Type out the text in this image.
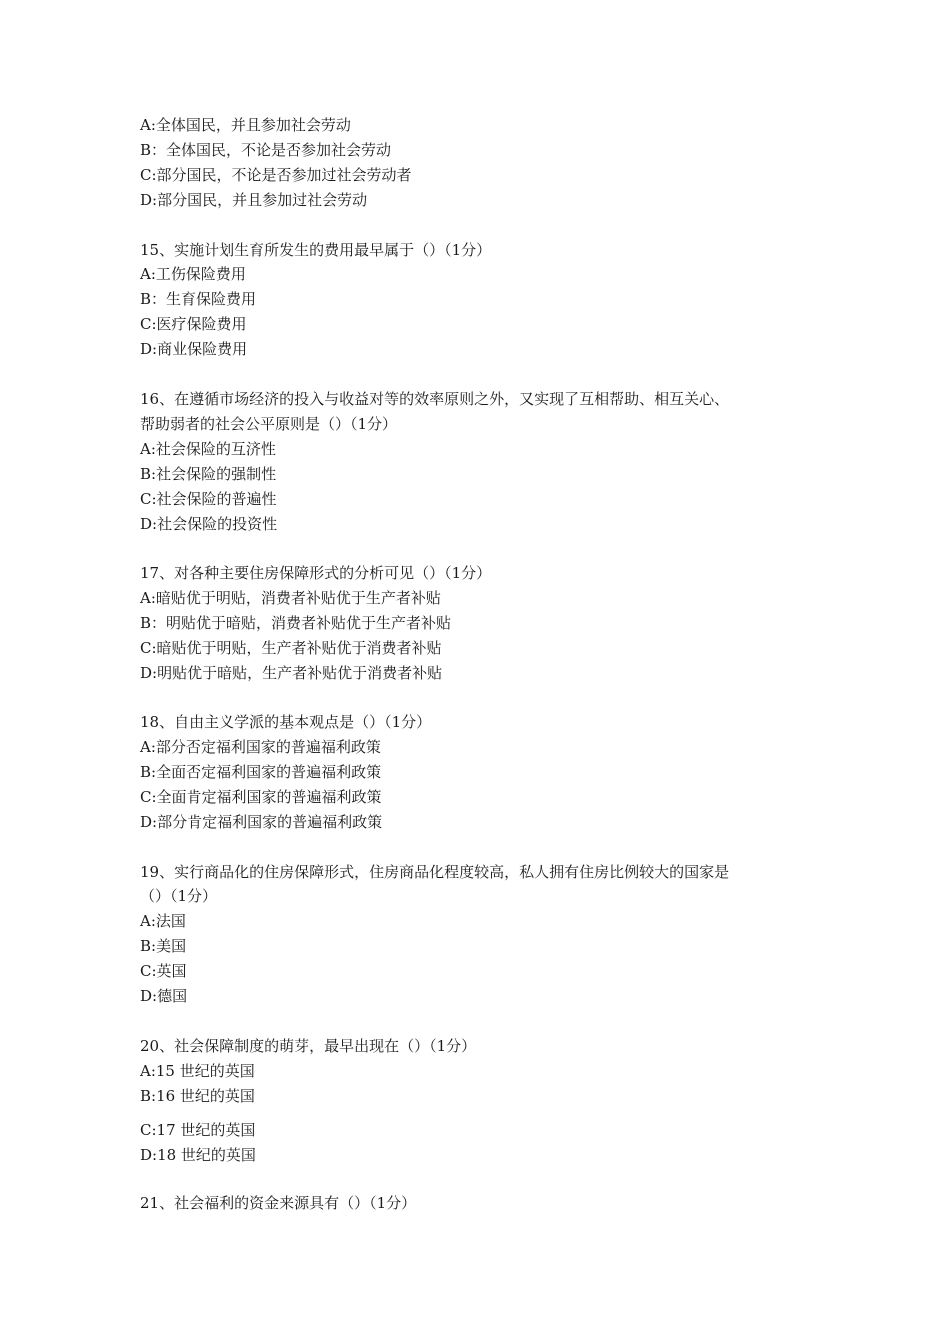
A:全体国民，并且参加社会劳动
B：全体国民，不论是否参加社会劳动
C:部分国民，不论是否参加过社会劳动者
D:部分国民，并且参加过社会劳动
15、实施计划生育所发生的费用最早属于（）（1分）
A:工伤保险费用
B：生育保险费用
C:医疗保险费用
D:商业保险费用
16、在遵循市场经济的投入与收益对等的效率原则之外，又实现了互相帮助、相互关心、
帮助弱者的社会公平原则是（）（1分）
A:社会保险的互济性
B:社会保险的强制性
C:社会保险的普遍性
D:社会保险的投资性
17、对各种主要住房保障形式的分析可见（）（1分）
A:暗贴优于明贴，消费者补贴优于生产者补贴
B：明贴优于暗贴，消费者补贴优于生产者补贴
C:暗贴优于明贴，生产者补贴优于消费者补贴
D:明贴优于暗贴，生产者补贴优于消费者补贴
18、自由主义学派的基本观点是（）（1分）
A:部分否定福利国家的普遍福利政策
B:全面否定福利国家的普遍福利政策
C:全面肯定福利国家的普遍福利政策
D:部分肯定福利国家的普遍福利政策
19、实行商品化的住房保障形式，住房商品化程度较高，私人拥有住房比例较大的国家是
（）（1分）
A:法国
B:美国
C:英国
D:德国
20、社会保障制度的萌芽，最早出现在（）（1分）
A:15 世纪的英国
B:16 世纪的英国
C:17 世纪的英国
D:18 世纪的英国
21、社会福利的资金来源具有（）（1分）
